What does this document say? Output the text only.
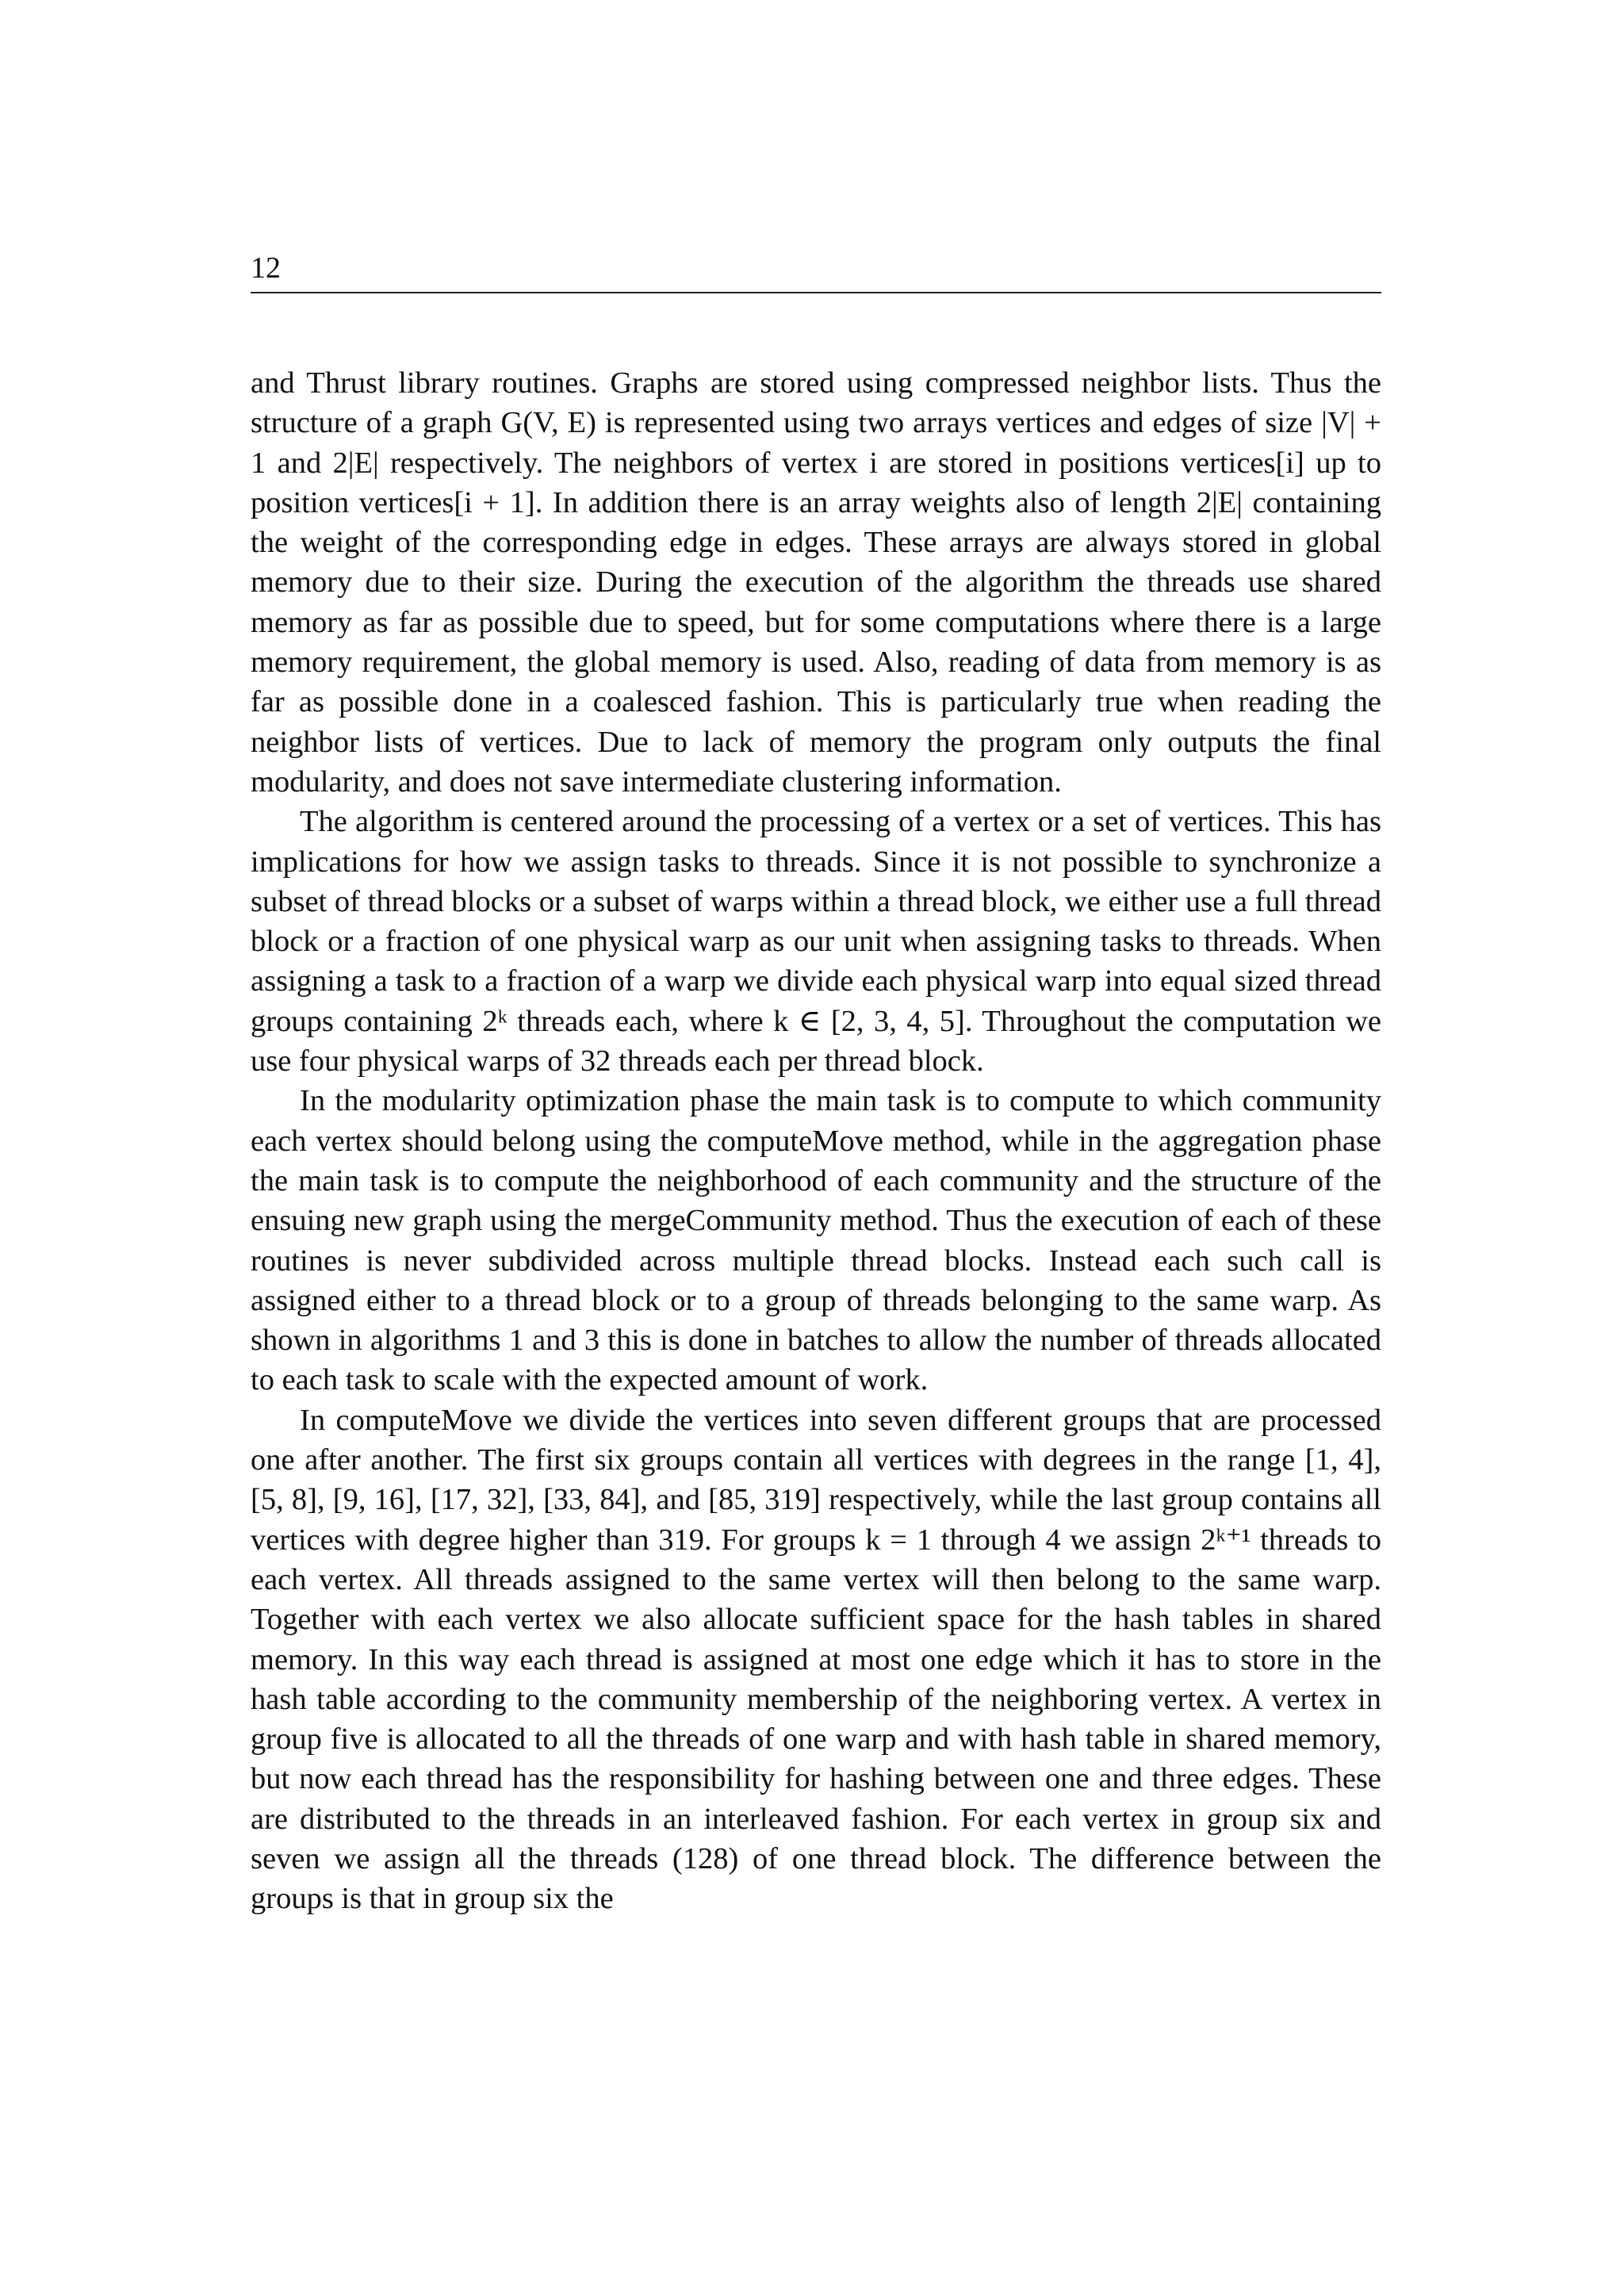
12

and Thrust library routines. Graphs are stored using compressed neighbor lists. Thus the structure of a graph G(V, E) is represented using two arrays vertices and edges of size |V| + 1 and 2|E| respectively. The neighbors of vertex i are stored in positions vertices[i] up to position vertices[i + 1]. In addition there is an array weights also of length 2|E| containing the weight of the corresponding edge in edges. These arrays are always stored in global memory due to their size. During the execution of the algorithm the threads use shared memory as far as possible due to speed, but for some computations where there is a large memory requirement, the global memory is used. Also, reading of data from memory is as far as possible done in a coalesced fashion. This is particularly true when reading the neighbor lists of vertices. Due to lack of memory the program only outputs the final modularity, and does not save intermediate clustering information.

The algorithm is centered around the processing of a vertex or a set of vertices. This has implications for how we assign tasks to threads. Since it is not possible to synchronize a subset of thread blocks or a subset of warps within a thread block, we either use a full thread block or a fraction of one physical warp as our unit when assigning tasks to threads. When assigning a task to a fraction of a warp we divide each physical warp into equal sized thread groups containing 2ᵏ threads each, where k ∈ [2, 3, 4, 5]. Throughout the computation we use four physical warps of 32 threads each per thread block.

In the modularity optimization phase the main task is to compute to which community each vertex should belong using the computeMove method, while in the aggregation phase the main task is to compute the neighborhood of each community and the structure of the ensuing new graph using the mergeCommunity method. Thus the execution of each of these routines is never subdivided across multiple thread blocks. Instead each such call is assigned either to a thread block or to a group of threads belonging to the same warp. As shown in algorithms 1 and 3 this is done in batches to allow the number of threads allocated to each task to scale with the expected amount of work.

In computeMove we divide the vertices into seven different groups that are processed one after another. The first six groups contain all vertices with degrees in the range [1, 4], [5, 8], [9, 16], [17, 32], [33, 84], and [85, 319] respectively, while the last group contains all vertices with degree higher than 319. For groups k = 1 through 4 we assign 2ᵏ⁺¹ threads to each vertex. All threads assigned to the same vertex will then belong to the same warp. Together with each vertex we also allocate sufficient space for the hash tables in shared memory. In this way each thread is assigned at most one edge which it has to store in the hash table according to the community membership of the neighboring vertex. A vertex in group five is allocated to all the threads of one warp and with hash table in shared memory, but now each thread has the responsibility for hashing between one and three edges. These are distributed to the threads in an interleaved fashion. For each vertex in group six and seven we assign all the threads (128) of one thread block. The difference between the groups is that in group six the
